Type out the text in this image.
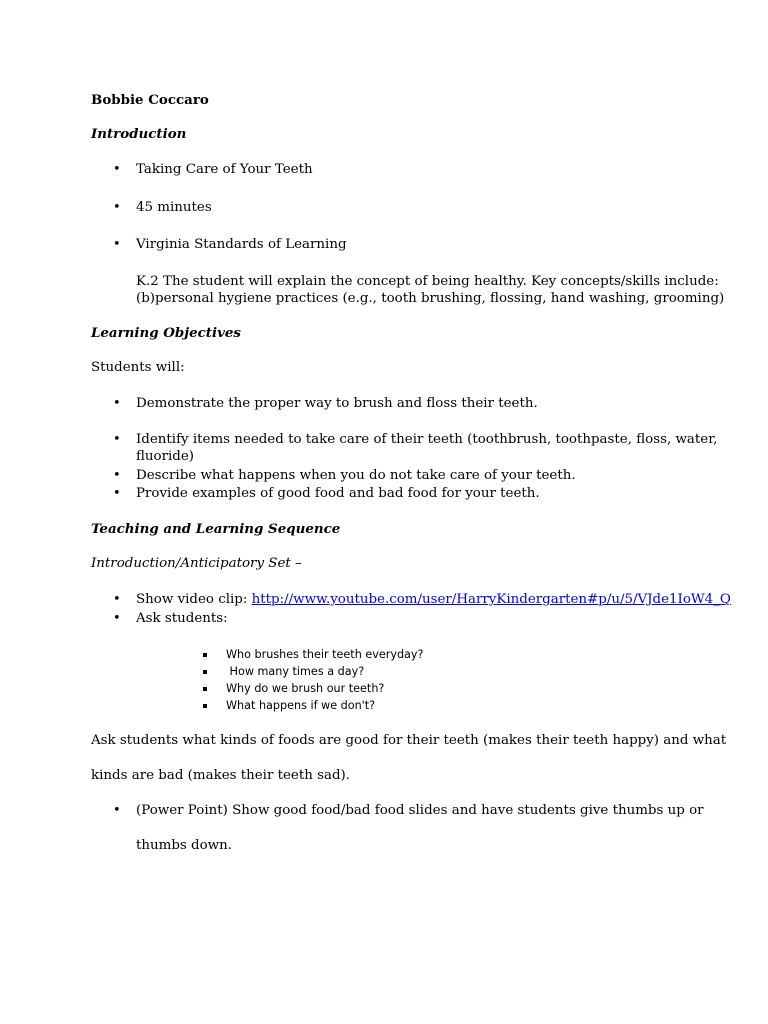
Bobbie Coccaro
Introduction
• Taking Care of Your Teeth
• 45 minutes
• Virginia Standards of Learning
K.2 The student will explain the concept of being healthy. Key concepts/skills include:
(b)personal hygiene practices (e.g., tooth brushing, flossing, hand washing, grooming)
Learning Objectives
Students will:
• Demonstrate the proper way to brush and floss their teeth.
• Identify items needed to take care of their teeth (toothbrush, toothpaste, floss, water,
fluoride)
• Describe what happens when you do not take care of your teeth.
• Provide examples of good food and bad food for your teeth.
Teaching and Learning Sequence
Introduction/Anticipatory Set –
• Show video clip: http://www.youtube.com/user/HarryKindergarten#p/u/5/VJde1IoW4_Q
• Ask students:
Who brushes their teeth everyday?
How many times a day?
Why do we brush our teeth?
What happens if we don't?
Ask students what kinds of foods are good for their teeth (makes their teeth happy) and what
kinds are bad (makes their teeth sad).
• (Power Point) Show good food/bad food slides and have students give thumbs up or
thumbs down.
